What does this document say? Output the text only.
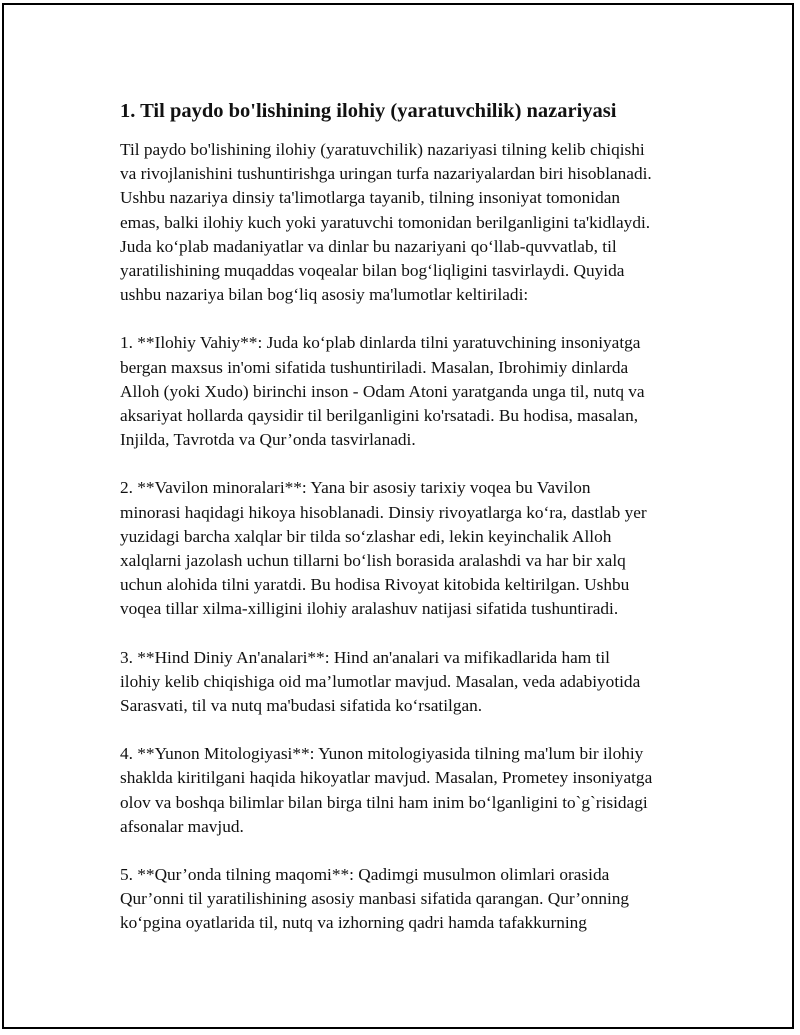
1. Til paydo bo'lishining ilohiy (yaratuvchilik) nazariyasi

Til paydo bo'lishining ilohiy (yaratuvchilik) nazariyasi tilning kelib chiqishi
va rivojlanishini tushuntirishga uringan turfa nazariyalardan biri hisoblanadi.
Ushbu nazariya dinsiy ta'limotlarga tayanib, tilning insoniyat tomonidan
emas, balki ilohiy kuch yoki yaratuvchi tomonidan berilganligini ta'kidlaydi.
Juda ko‘plab madaniyatlar va dinlar bu nazariyani qo‘llab-quvvatlab, til
yaratilishining muqaddas voqealar bilan bog‘liqligini tasvirlaydi. Quyida
ushbu nazariya bilan bog‘liq asosiy ma'lumotlar keltiriladi:

1. **Ilohiy Vahiy**: Juda ko‘plab dinlarda tilni yaratuvchining insoniyatga
bergan maxsus in'omi sifatida tushuntiriladi. Masalan, Ibrohimiy dinlarda
Alloh (yoki Xudo) birinchi inson - Odam Atoni yaratganda unga til, nutq va
aksariyat hollarda qaysidir til berilganligini ko'rsatadi. Bu hodisa, masalan,
Injilda, Tavrotda va Qur’onda tasvirlanadi.

2. **Vavilon minoralari**: Yana bir asosiy tarixiy voqea bu Vavilon
minorasi haqidagi hikoya hisoblanadi. Dinsiy rivoyatlarga ko‘ra, dastlab yer
yuzidagi barcha xalqlar bir tilda so‘zlashar edi, lekin keyinchalik Alloh
xalqlarni jazolash uchun tillarni bo‘lish borasida aralashdi va har bir xalq
uchun alohida tilni yaratdi. Bu hodisa Rivoyat kitobida keltirilgan. Ushbu
voqea tillar xilma-xilligini ilohiy aralashuv natijasi sifatida tushuntiradi.

3. **Hind Diniy An'analari**: Hind an'analari va mifikadlarida ham til
ilohiy kelib chiqishiga oid ma’lumotlar mavjud. Masalan, veda adabiyotida
Sarasvati, til va nutq ma'budasi sifatida ko‘rsatilgan.

4. **Yunon Mitologiyasi**: Yunon mitologiyasida tilning ma'lum bir ilohiy
shaklda kiritilgani haqida hikoyatlar mavjud. Masalan, Prometey insoniyatga
olov va boshqa bilimlar bilan birga tilni ham inim bo‘lganligini to`g`risidagi
afsonalar mavjud.

5. **Qur’onda tilning maqomi**: Qadimgi musulmon olimlari orasida
Qur’onni til yaratilishining asosiy manbasi sifatida qarangan. Qur’onning
ko‘pgina oyatlarida til, nutq va izhorning qadri hamda tafakkurning
